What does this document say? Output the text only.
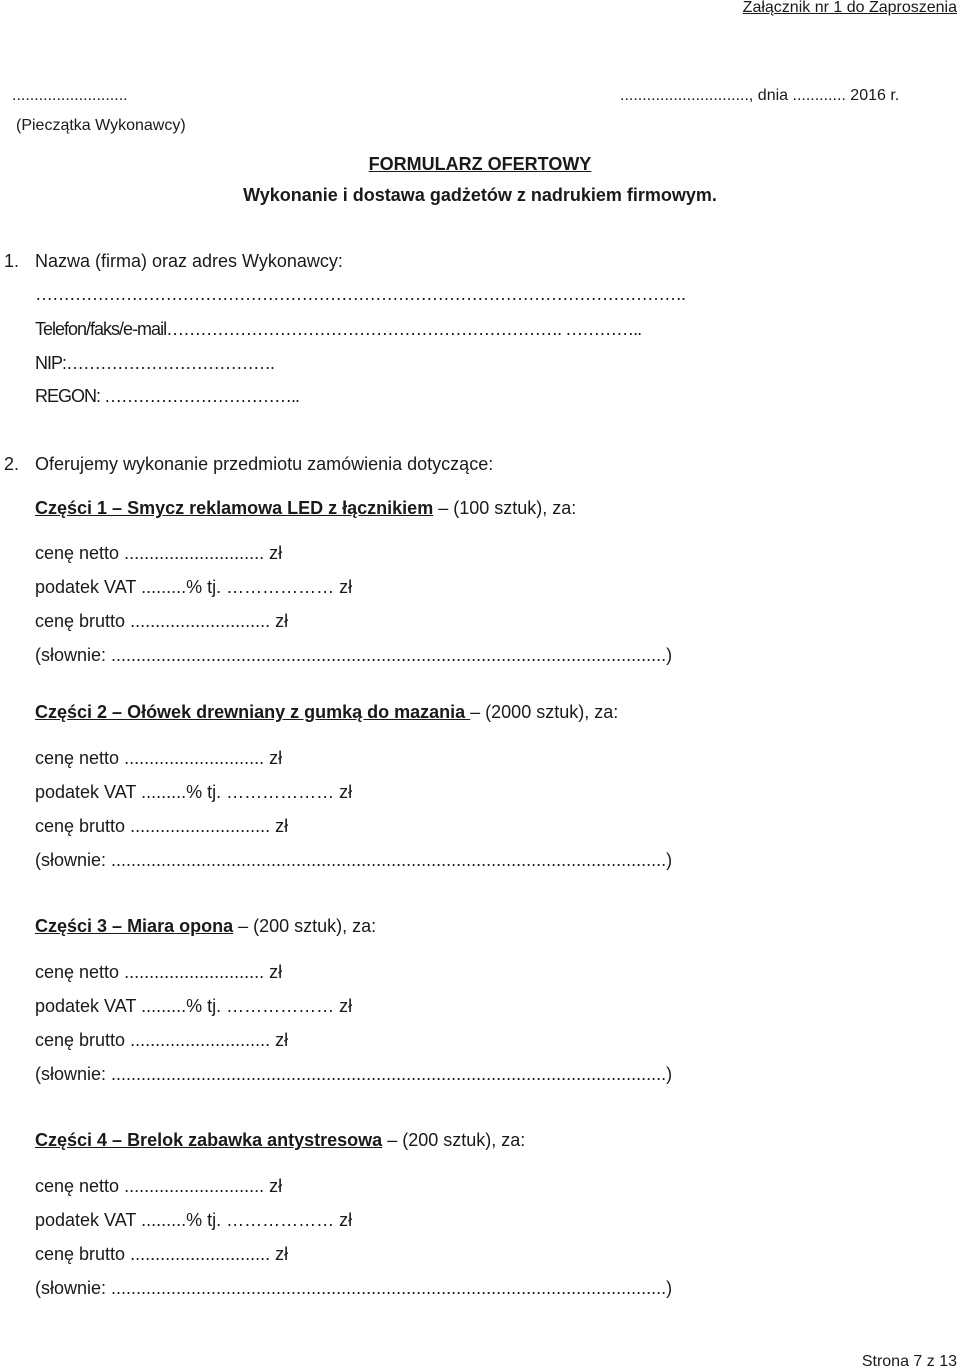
Załącznik nr 1 do Zaproszenia
..........................	............................., dnia ............ 2016 r.
(Pieczątka Wykonawcy)
FORMULARZ OFERTOWY
Wykonanie i dostawa gadżetów z nadrukiem firmowym.
1. Nazwa (firma) oraz adres Wykonawcy:
…………………………………………………………………………………………………….
Telefon/faks/e-mail……………………………………………………………. …………..
NIP:……………………………….
REGON: ……………………………..
2. Oferujemy wykonanie przedmiotu zamówienia dotyczące:
Części 1 – Smycz reklamowa LED z łącznikiem – (100 sztuk), za:
cenę netto ............................ zł
podatek VAT .........% tj. ……………… zł
cenę brutto ............................ zł
(słownie: ...............................................................................................................)
Części 2 – Ołówek drewniany z gumką do mazania – (2000 sztuk), za:
cenę netto ............................ zł
podatek VAT .........% tj. ……………… zł
cenę brutto ............................ zł
(słownie: ...............................................................................................................)
Części 3 – Miara opona – (200 sztuk), za:
cenę netto ............................ zł
podatek VAT .........% tj. ……………… zł
cenę brutto ............................ zł
(słownie: ...............................................................................................................)
Części 4 – Brelok zabawka antystresowa – (200 sztuk), za:
cenę netto ............................ zł
podatek VAT .........% tj. ……………… zł
cenę brutto ............................ zł
(słownie: ...............................................................................................................)
Strona 7 z 13
